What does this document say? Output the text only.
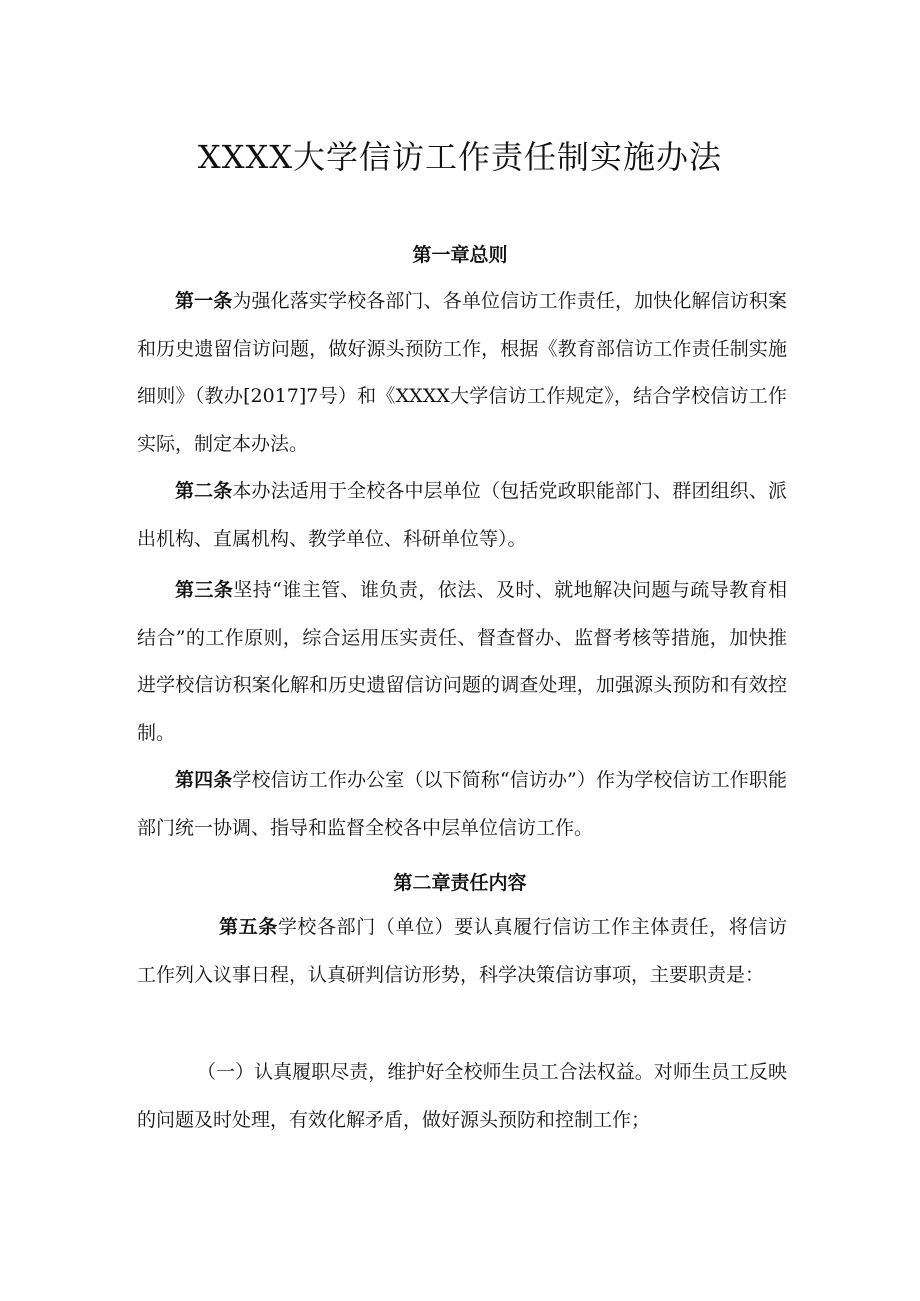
XXXX大学信访工作责任制实施办法
第一章总则

第一条为强化落实学校各部门、各单位信访工作责任，加快化解信访积案和历史遗留信访问题，做好源头预防工作，根据《教育部信访工作责任制实施细则》（教办[2017]7号）和《XXXX大学信访工作规定》，结合学校信访工作实际，制定本办法。

第二条本办法适用于全校各中层单位（包括党政职能部门、群团组织、派出机构、直属机构、教学单位、科研单位等）。

第三条坚持“谁主管、谁负责，依法、及时、就地解决问题与疏导教育相结合”的工作原则，综合运用压实责任、督查督办、监督考核等措施，加快推进学校信访积案化解和历史遗留信访问题的调查处理，加强源头预防和有效控制。

第四条学校信访工作办公室（以下简称“信访办”）作为学校信访工作职能部门统一协调、指导和监督全校各中层单位信访工作。

第二章责任内容

第五条学校各部门（单位）要认真履行信访工作主体责任，将信访工作列入议事日程，认真研判信访形势，科学决策信访事项，主要职责是：

（一）认真履职尽责，维护好全校师生员工合法权益。对师生员工反映的问题及时处理，有效化解矛盾，做好源头预防和控制工作；
